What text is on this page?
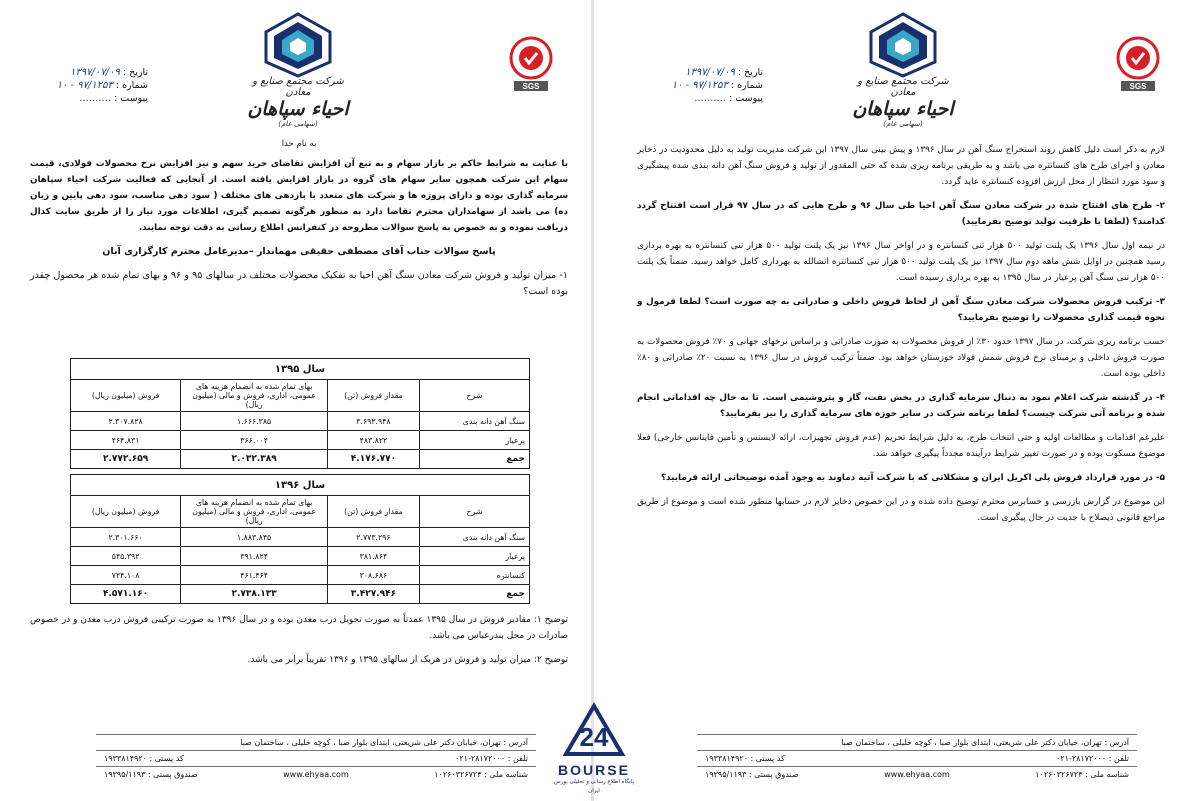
تاریخ : ۱۳۹۷/۰۷/۰۹
شماره : ۹۷/۱۲۵۳ - ۱۰
پیوست : ..........
شرکت مجتمع صنایع و معادن
احیاء سپاهان
(سهامی عام)
SGS
به نام خدا

با عنایت به شرایط حاکم بر بازار سهام و به تبع آن افزایش تقاضای خرید سهم و نیز افزایش نرخ محصولات فولادی، قیمت سهام این شرکت همچون سایر سهام های گروه در بازار افزایش یافته است. از آنجایی که فعالیت شرکت احیاء سپاهان سرمایه گذاری بوده و دارای پروژه ها و شرکت های متعدد با بازدهی های مختلف ( سود دهی مناسب، سود دهی پایین و زیان ده) می باشد از سهامداران محترم تقاضا دارد به منظور هرگونه تصمیم گیری، اطلاعات مورد نیاز را از طریق سایت کدال دریافت نموده و به خصوص به پاسخ سوالات مطروحه در کنفرانس اطلاع رسانی به دقت توجه نمایند.

پاسخ سوالات جناب آقای مصطفی حقیقی مهماندار –مدیرعامل محترم کارگزاری آبان

۱- میزان تولید و فروش شرکت معادن سنگ آهن احیا به تفکیک محصولات مختلف در سالهای ۹۵ و ۹۶ و بهای تمام شده هر محصول چقدر بوده است؟

سال ۱۳۹۵			
شرح	مقدار فروش (تن)	بهای تمام شده به انضمام هزینه های عمومی، اداری، فروش و مالی (میلیون ریال)	فروش (میلیون ریال)
سنگ آهن دانه بندی	۳.۶۹۲.۹۴۸	۱.۶۶۶.۳۸۵	۲.۳۰۷.۸۲۸
پرعیار	۴۸۳.۸۲۲	۳۶۶.۰۰۴	۴۶۴.۸۳۱
جمع	۴.۱۷۶.۷۷۰	۲.۰۳۲.۳۸۹	۲.۷۷۲.۶۵۹
سال ۱۳۹۶			
شرح	مقدار فروش (تن)	بهای تمام شده به انضمام هزینه های عمومی، اداری، فروش و مالی (میلیون ریال)	فروش (میلیون ریال)
سنگ آهن دانه بندی	۲.۷۷۳.۲۹۶	۱.۸۸۳.۸۴۵	۲.۳۰۱.۶۶۰
پرعیار	۳۸۱.۸۶۴	۳۹۱.۸۲۴	۵۴۵.۳۹۲
کنسانتره	۳۰۸.۶۸۶	۴۶۱.۴۶۴	۷۲۴.۱۰۸
جمع	۳.۴۲۷.۹۴۶	۲.۷۳۸.۱۳۳	۴.۵۷۱.۱۶۰

توضیح ۱: مقادیر فروش در سال ۱۳۹۵ عمدتاً به صورت تحویل درب معدن بوده و در سال ۱۳۹۶ به صورت ترکیبی فروش درب معدن و در خصوص صادرات در محل بندرعباس می باشد.

توضیح ۲: میزان تولید و فروش در هریک از سالهای ۱۳۹۵ و ۱۳۹۶ تقریباً برابر می باشد.

آدرس : تهران، خیابان دکتر علی شریعتی، ابتدای بلوار صبا ، کوچه خلیلی ، ساختمان صبا
تلفن : ۲۸۱۷۲۰۰۰-۰۲۱
کد پستی : ۱۹۳۳۸۱۴۹۲۰
شناسه ملی : ۱۰۲۶۰۳۲۶۷۲۴
www.ehyaa.com
صندوق پستی : ۱۹۳۹۵/۱۱۹۳
تاریخ : ۱۳۹۷/۰۷/۰۹
شماره : ۹۷/۱۲۵۳ - ۱۰
پیوست : ..........
شرکت مجتمع صنایع و معادن
احیاء سپاهان
(سهامی عام)
SGS

لازم به ذکر است دلیل کاهش روند استخراج سنگ آهن در سال ۱۳۹۶ و پیش بینی سال ۱۳۹۷ این شرکت مدیریت تولید به دلیل محدودیت در ذخایر معادن و اجرای طرح های کنسانتره می باشد و به طریقی برنامه ریزی شده که حتی المقدور از تولید و فروش سنگ آهن دانه بندی شده پیشگیری و سود مورد انتظار از محل ارزش افزوده کنسانتره عاید گردد.

۲- طرح های افتتاح شده در شرکت معادن سنگ آهن احیا طی سال ۹۶ و طرح هایی که در سال ۹۷ قرار است افتتاح گردد کدامند؟ (لطفا با ظرفیت تولید توضیح بفرمایید)

در نیمه اول سال ۱۳۹۶ یک پلنت تولید ۵۰۰ هزار تنی کنسانتره و در اواخر سال ۱۳۹۶ نیز یک پلنت تولید ۵۰۰ هزار تنی کنسانتره به بهره برداری رسید همچنین در اوایل شش ماهه دوم سال ۱۳۹۷ نیز یک پلنت تولید ۵۰۰ هزار تنی کنسانتره انشالله به بهرداری کامل خواهد رسید. ضمناً یک پلنت ۵۰۰ هزار تنی سنگ آهن پرعیار در سال ۱۳۹۵ به بهره برداری رسیده است.

۳- ترکیب فروش محصولات شرکت معادن سنگ آهن از لحاظ فروش داخلی و صادراتی به چه صورت است؟ لطفا فرمول و نحوه قیمت گذاری محصولات را توضیح بفرمایید؟

حسب برنامه ریزی شرکت، در سال ۱۳۹۷ حدود ۳۰٪ از فروش محصولات به صورت صادراتی و براساس نرخهای جهانی و ۷۰٪ فروش محصولات به صورت فروش داخلی و برمبنای نرخ فروش شمش فولاد خوزستان خواهد بود. ضمناً ترکیب فروش در سال ۱۳۹۶ به نسبت ۲۰٪ صادراتی و ۸۰٪ داخلی بوده است.

۴- در گذشته شرکت اعلام نمود به دنبال سرمایه گذاری در بخش نفت، گاز و پتروشیمی است. تا به حال چه اقداماتی انجام شده و برنامه آتی شرکت چیست؟ لطفا برنامه شرکت در سایر حوزه های سرمایه گذاری را نیز بفرمایید؟

علیرغم اقدامات و مطالعات اولیه و حتی انتخاب طرح، به دلیل شرایط تحریم (عدم فروش تجهیزات، ارائه لایسنس و تأمین فاینانس خارجی) فعلا موضوع مسکوت بوده و در صورت تغییر شرایط درآینده مجدداً پیگیری خواهد شد.

۵- در مورد قرارداد فروش پلی اکریل ایران و مشکلاتی که با شرکت آتیه دماوند به وجود آمده توضیحاتی ارائه فرمایید؟

این موضوع در گزارش بازرسی و حسابرس محترم توضیح داده شده و در این خصوص ذخایر لازم در حسابها منظور شده است و موضوع از طریق مراجع قانونی ذیصلاح با جدیت در حال پیگیری است.

آدرس : تهران، خیابان دکتر علی شریعتی، ابتدای بلوار صبا ، کوچه خلیلی ، ساختمان صبا
تلفن : ۲۸۱۷۲۰۰۰-۰۲۱
کد پستی : ۱۹۳۳۸۱۴۹۲۰
شناسه ملی : ۱۰۲۶۰۳۲۶۷۲۴
www.ehyaa.com
صندوق پستی : ۱۹۳۹۵/۱۱۹۳
24
BOURSE
پایگاه اطلاع رسانی و تحلیلی بورس ایران
